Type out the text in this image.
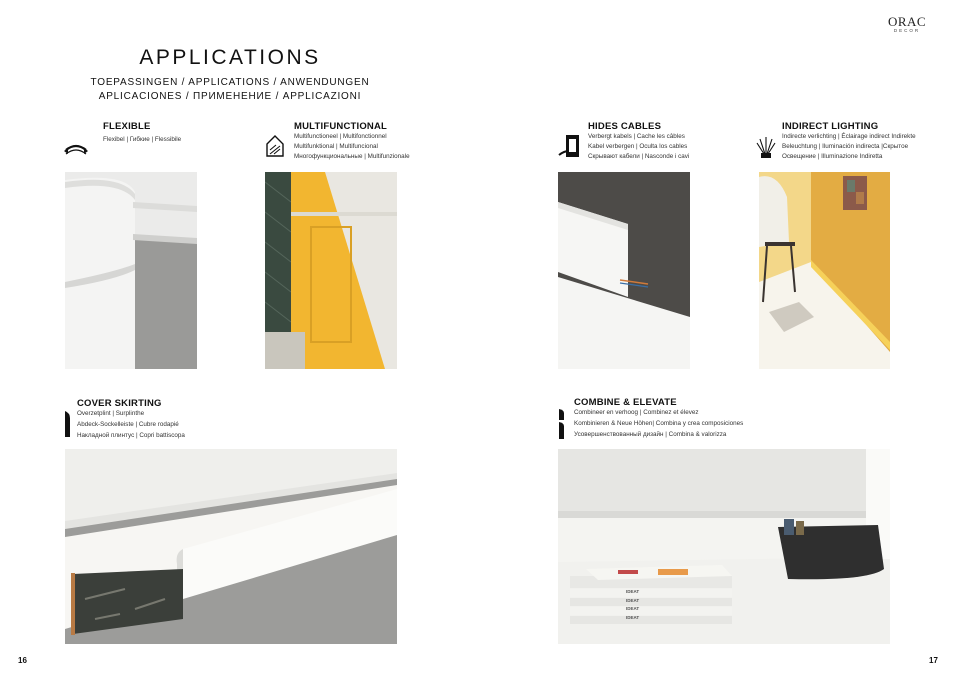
ORAC
DECOR
APPLICATIONS
TOEPASSINGEN / APPLICATIONS / ANWENDUNGEN
APLICACIONES / ПРИМЕНЕНИЕ / APPLICAZIONI
FLEXIBLE
Flexibel | Гибкие | Flessibile
MULTIFUNCTIONAL
Multifunctioneel | Multifonctionnel
Multifunktional | Multifuncional
Многофункциональные | Multifunzionale
HIDES CABLES
Verbergt kabels | Cache les câbles
Kabel verbergen | Oculta los cables
Скрывают кабели | Nasconde i cavi
INDIRECT LIGHTING
Indirecte verlichting | Éclairage indirect Indirekte
Beleuchtung | Iluminación indirecta |Скрытое
Освещение | Illuminazione Indiretta
COVER SKIRTING
Overzetplint | Surplinthe
Abdeck-Sockelleiste | Cubre rodapié
Накладной плинтус | Copri battiscopa
COMBINE & ELEVATE
Combineer en verhoog | Combinez et élevez
Kombinieren & Neue Höhen| Combina y crea composiciones
Усовершенствованный дизайн | Combina & valorizza
IDEAT
IDEAT
IDEAT
IDEAT
16	17
